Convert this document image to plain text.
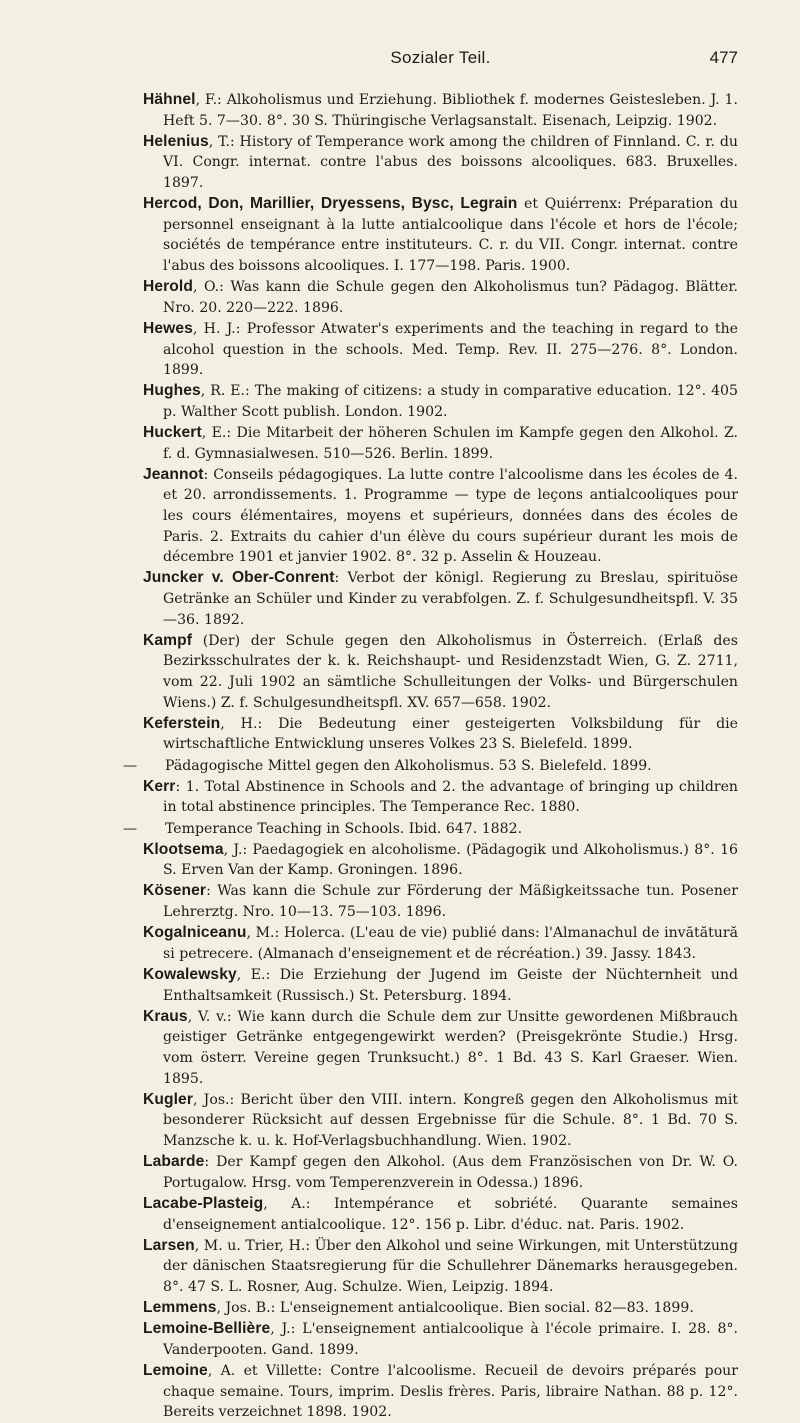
Sozialer Teil.	477
Hähnel, F.: Alkoholismus und Erziehung. Bibliothek f. modernes Geistesleben. J. 1. Heft 5. 7—30. 8°. 30 S. Thüringische Verlagsanstalt. Eisenach, Leipzig. 1902.
Helenius, T.: History of Temperance work among the children of Finnland. C. r. du VI. Congr. internat. contre l'abus des boissons alcooliques. 683. Bruxelles. 1897.
Hercod, Don, Marillier, Dryessens, Bysc, Legrain et Quiérrenx: Préparation du personnel enseignant à la lutte antialcoolique dans l'école et hors de l'école; sociétés de tempérance entre instituteurs. C. r. du VII. Congr. internat. contre l'abus des boissons alcooliques. I. 177—198. Paris. 1900.
Herold, O.: Was kann die Schule gegen den Alkoholismus tun? Pädagog. Blätter. Nro. 20. 220—222. 1896.
Hewes, H. J.: Professor Atwater's experiments and the teaching in regard to the alcohol question in the schools. Med. Temp. Rev. II. 275—276. 8°. London. 1899.
Hughes, R. E.: The making of citizens: a study in comparative education. 12°. 405 p. Walther Scott publish. London. 1902.
Huckert, E.: Die Mitarbeit der höheren Schulen im Kampfe gegen den Alkohol. Z. f. d. Gymnasialwesen. 510—526. Berlin. 1899.
Jeannot: Conseils pédagogiques. La lutte contre l'alcoolisme dans les écoles de 4. et 20. arrondissements. 1. Programme — type de leçons antialcooliques pour les cours élémentaires, moyens et supérieurs, données dans des écoles de Paris. 2. Extraits du cahier d'un élève du cours supérieur durant les mois de décembre 1901 et janvier 1902. 8°. 32 p. Asselin & Houzeau.
Juncker v. Ober-Conrent: Verbot der königl. Regierung zu Breslau, spirituöse Getränke an Schüler und Kinder zu verabfolgen. Z. f. Schulgesundheitspfl. V. 35—36. 1892.
Kampf (Der) der Schule gegen den Alkoholismus in Österreich. (Erlaß des Bezirksschulrates der k. k. Reichshaupt- und Residenzstadt Wien, G. Z. 2711, vom 22. Juli 1902 an sämtliche Schulleitungen der Volks- und Bürgerschulen Wiens.) Z. f. Schulgesundheitspfl. XV. 657—658. 1902.
Keferstein, H.: Die Bedeutung einer gesteigerten Volksbildung für die wirtschaftliche Entwicklung unseres Volkes 23 S. Bielefeld. 1899.
— Pädagogische Mittel gegen den Alkoholismus. 53 S. Bielefeld. 1899.
Kerr: 1. Total Abstinence in Schools and 2. the advantage of bringing up children in total abstinence principles. The Temperance Rec. 1880.
— Temperance Teaching in Schools. Ibid. 647. 1882.
Klootsema, J.: Paedagogiek en alcoholisme. (Pädagogik und Alkoholismus.) 8°. 16 S. Erven Van der Kamp. Groningen. 1896.
Kösener: Was kann die Schule zur Förderung der Mäßigkeitssache tun. Posener Lehrerztg. Nro. 10—13. 75—103. 1896.
Kogalniceanu, M.: Holerca. (L'eau de vie) publié dans: l'Almanachul de invătătură si petrecere. (Almanach d'enseignement et de récréation.) 39. Jassy. 1843.
Kowalewsky, E.: Die Erziehung der Jugend im Geiste der Nüchternheit und Enthaltsamkeit (Russisch.) St. Petersburg. 1894.
Kraus, V. v.: Wie kann durch die Schule dem zur Unsitte gewordenen Mißbrauch geistiger Getränke entgegengewirkt werden? (Preisgekrönte Studie.) Hrsg. vom österr. Vereine gegen Trunksucht.) 8°. 1 Bd. 43 S. Karl Graeser. Wien. 1895.
Kugler, Jos.: Bericht über den VIII. intern. Kongreß gegen den Alkoholismus mit besonderer Rücksicht auf dessen Ergebnisse für die Schule. 8°. 1 Bd. 70 S. Manzsche k. u. k. Hof-Verlagsbuchhandlung. Wien. 1902.
Labarde: Der Kampf gegen den Alkohol. (Aus dem Französischen von Dr. W. O. Portugalow. Hrsg. vom Temperenzverein in Odessa.) 1896.
Lacabe-Plasteig, A.: Intempérance et sobriété. Quarante semaines d'enseignement antialcoolique. 12°. 156 p. Libr. d'éduc. nat. Paris. 1902.
Larsen, M. u. Trier, H.: Über den Alkohol und seine Wirkungen, mit Unterstützung der dänischen Staatsregierung für die Schullehrer Dänemarks herausgegeben. 8°. 47 S. L. Rosner, Aug. Schulze. Wien, Leipzig. 1894.
Lemmens, Jos. B.: L'enseignement antialcoolique. Bien social. 82—83. 1899.
Lemoine-Bellière, J.: L'enseignement antialcoolique à l'école primaire. I. 28. 8°. Vanderpooten. Gand. 1899.
Lemoine, A. et Villette: Contre l'alcoolisme. Recueil de devoirs préparés pour chaque semaine. Tours, imprim. Deslis frères. Paris, libraire Nathan. 88 p. 12°. Bereits verzeichnet 1898. 1902.
